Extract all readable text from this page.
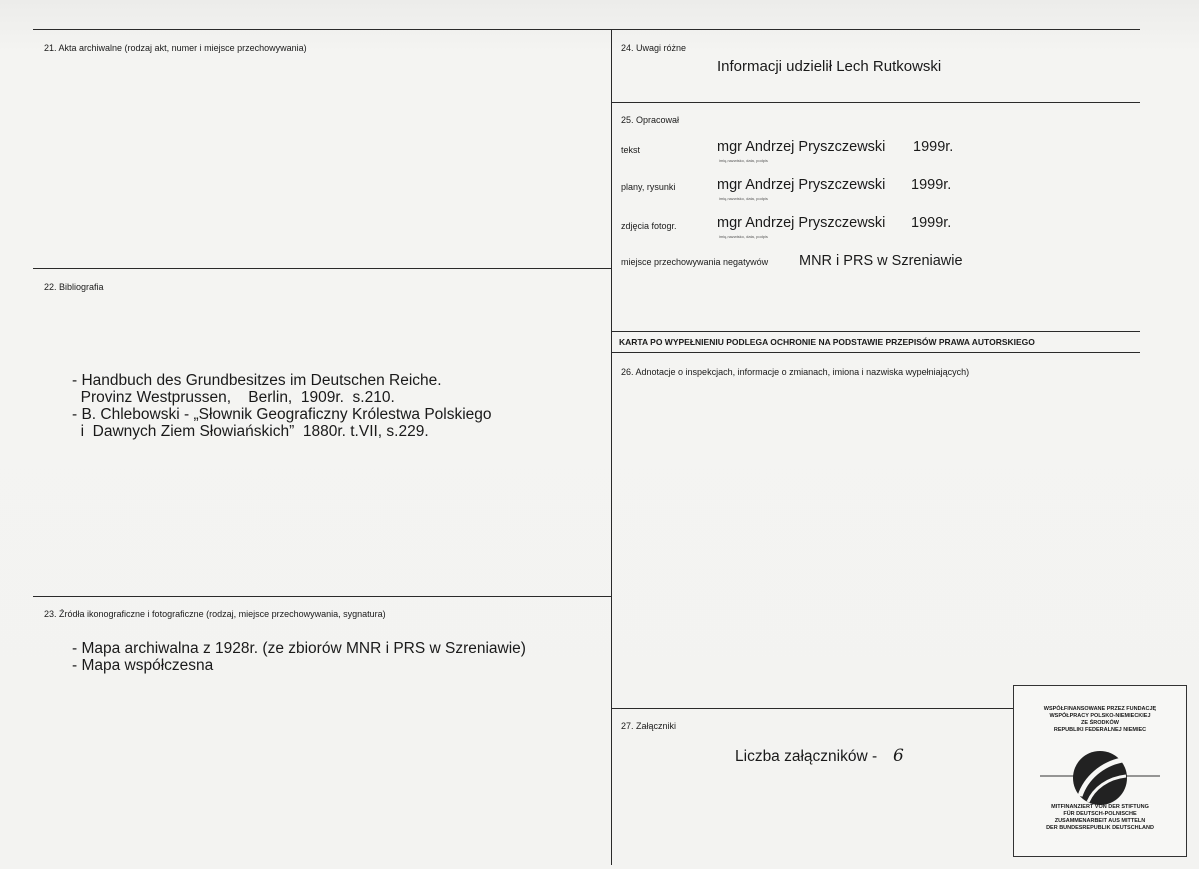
21. Akta archiwalne (rodzaj akt, numer i miejsce przechowywania)
22. Bibliografia
- Handbuch des Grundbesitzes im Deutschen Reiche.
Provinz Westprussen,    Berlin,  1909r.  s.210.
- B. Chlebowski - „Słownik Geograficzny Królestwa Polskiego
i  Dawnych Ziem Słowiańskich”  1880r. t.VII, s.229.
23. Źródła ikonograficzne i fotograficzne (rodzaj, miejsce przechowywania, sygnatura)
- Mapa archiwalna z 1928r. (ze zbiorów MNR i PRS w Szreniawie)
- Mapa współczesna
24. Uwagi różne
Informacji udzielił Lech Rutkowski
25. Opracował
tekst	mgr Andrzej Pryszczewski 1999r.
imię,nazwisko, data, podpis
plany, rysunki	mgr Andrzej Pryszczewski 1999r.
imię,nazwisko, data, podpis
zdjęcia fotogr.	mgr Andrzej Pryszczewski 1999r.
imię,nazwisko, data, podpis
miejsce przechowywania negatywów MNR i PRS w Szreniawie
KARTA PO WYPEŁNIENIU PODLEGA OCHRONIE NA PODSTAWIE PRZEPISÓW PRAWA AUTORSKIEGO
26. Adnotacje o inspekcjach, informacje o zmianach, imiona i nazwiska wypełniających)
27. Załączniki
Liczba załączników - 6
WSPÓŁFINANSOWANE PRZEZ FUNDACJĘ
WSPÓŁPRACY POLSKO-NIEMIECKIEJ
ZE ŚRODKÓW
REPUBLIKI FEDERALNEJ NIEMIEC
MITFINANZIERT VON DER STIFTUNG
FÜR DEUTSCH-POLNISCHE
ZUSAMMENARBEIT AUS MITTELN
DER BUNDESREPUBLIK DEUTSCHLAND
